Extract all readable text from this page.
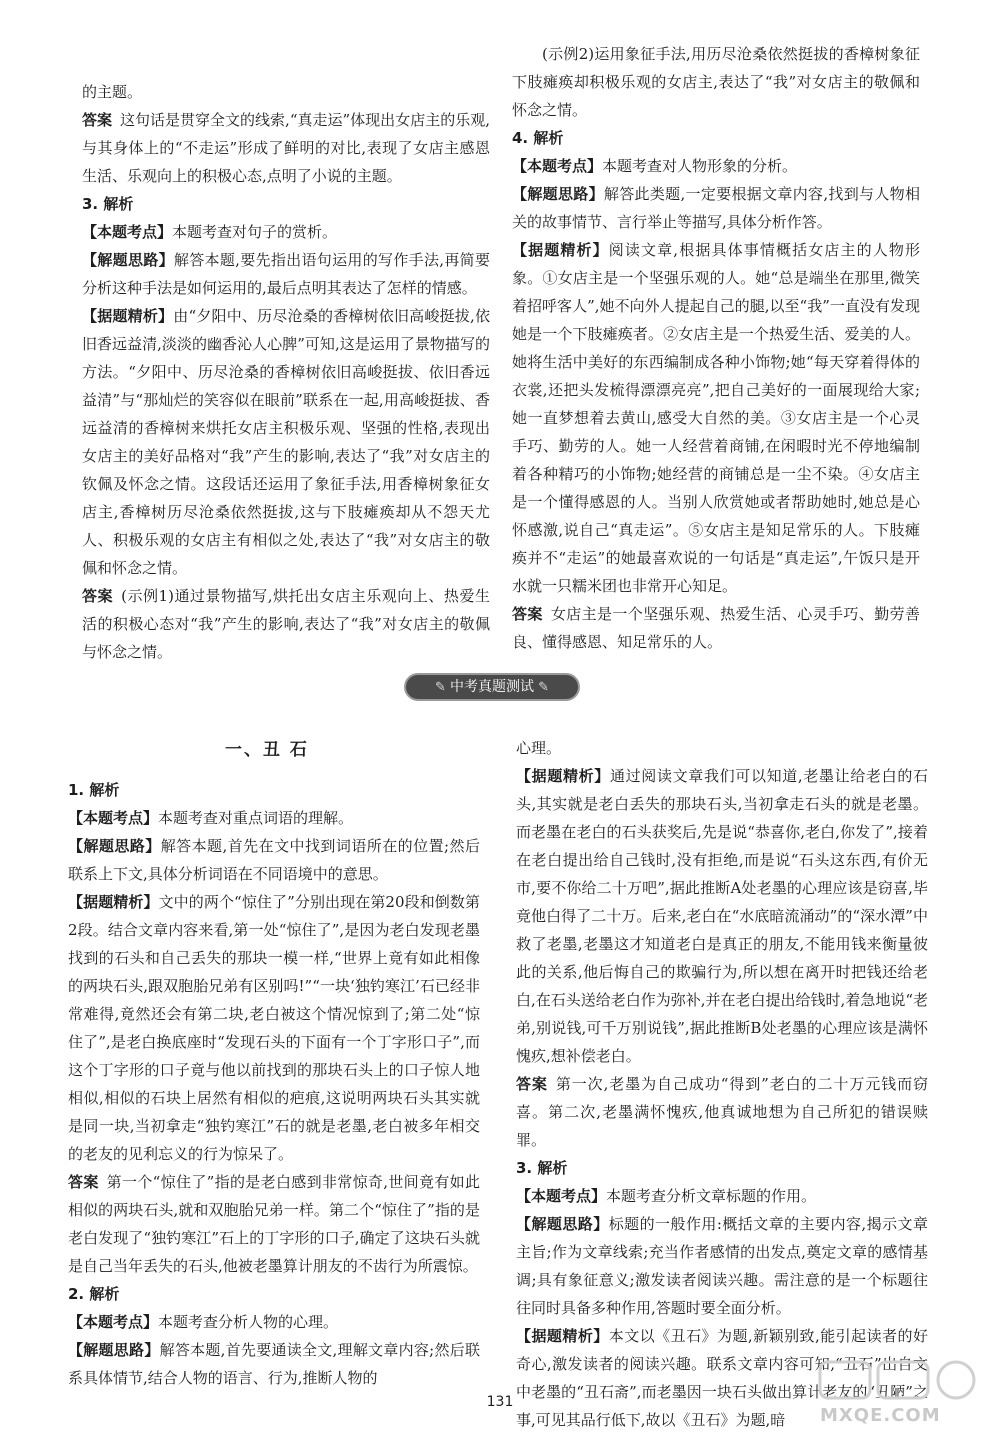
的主题。

答案 这句话是贯穿全文的线索,“真走运”体现出女店主的乐观,与其身体上的“不走运”形成了鲜明的对比,表现了女店主感恩生活、乐观向上的积极心态,点明了小说的主题。

3. 解析

【本题考点】本题考查对句子的赏析。

【解题思路】解答本题,要先指出语句运用的写作手法,再简要分析这种手法是如何运用的,最后点明其表达了怎样的情感。

【据题精析】由“夕阳中、历尽沧桑的香樟树依旧高峻挺拔,依旧香远益清,淡淡的幽香沁人心脾”可知,这是运用了景物描写的方法。“夕阳中、历尽沧桑的香樟树依旧高峻挺拔、依旧香远益清”与“那灿烂的笑容似在眼前”联系在一起,用高峻挺拔、香远益清的香樟树来烘托女店主积极乐观、坚强的性格,表现出女店主的美好品格对“我”产生的影响,表达了“我”对女店主的钦佩及怀念之情。这段话还运用了象征手法,用香樟树象征女店主,香樟树历尽沧桑依然挺拔,这与下肢瘫痪却从不怨天尤人、积极乐观的女店主有相似之处,表达了“我”对女店主的敬佩和怀念之情。

答案 (示例1)通过景物描写,烘托出女店主乐观向上、热爱生活的积极心态对“我”产生的影响,表达了“我”对女店主的敬佩与怀念之情。

(示例2)运用象征手法,用历尽沧桑依然挺拔的香樟树象征下肢瘫痪却积极乐观的女店主,表达了“我”对女店主的敬佩和怀念之情。

4. 解析

【本题考点】本题考查对人物形象的分析。

【解题思路】解答此类题,一定要根据文章内容,找到与人物相关的故事情节、言行举止等描写,具体分析作答。

【据题精析】阅读文章,根据具体事情概括女店主的人物形象。①女店主是一个坚强乐观的人。她“总是端坐在那里,微笑着招呼客人”,她不向外人提起自己的腿,以至“我”一直没有发现她是一个下肢瘫痪者。②女店主是一个热爱生活、爱美的人。她将生活中美好的东西编制成各种小饰物;她“每天穿着得体的衣裳,还把头发梳得漂漂亮亮”,把自己美好的一面展现给大家;她一直梦想着去黄山,感受大自然的美。③女店主是一个心灵手巧、勤劳的人。她一人经营着商铺,在闲暇时光不停地编制着各种精巧的小饰物;她经营的商铺总是一尘不染。④女店主是一个懂得感恩的人。当别人欣赏她或者帮助她时,她总是心怀感激,说自己“真走运”。⑤女店主是知足常乐的人。下肢瘫痪并不“走运”的她最喜欢说的一句话是“真走运”,午饭只是开水就一只糯米团也非常开心知足。

答案 女店主是一个坚强乐观、热爱生活、心灵手巧、勤劳善良、懂得感恩、知足常乐的人。

✎ 中考真题测试 ✎
一、丑 石

1. 解析

【本题考点】本题考查对重点词语的理解。

【解题思路】解答本题,首先在文中找到词语所在的位置;然后联系上下文,具体分析词语在不同语境中的意思。

【据题精析】文中的两个“惊住了”分别出现在第20段和倒数第2段。结合文章内容来看,第一处“惊住了”,是因为老白发现老墨找到的石头和自己丢失的那块一模一样,“世界上竟有如此相像的两块石头,跟双胞胎兄弟有区别吗!”“一块‘独钓寒江’石已经非常难得,竟然还会有第二块,老白被这个情况惊到了;第二处“惊住了”,是老白换底座时“发现石头的下面有一个丁字形口子”,而这个丁字形的口子竟与他以前找到的那块石头上的口子惊人地相似,相似的石块上居然有相似的疤痕,这说明两块石头其实就是同一块,当初拿走“独钓寒江”石的就是老墨,老白被多年相交的老友的见利忘义的行为惊呆了。

答案 第一个“惊住了”指的是老白感到非常惊奇,世间竟有如此相似的两块石头,就和双胞胎兄弟一样。第二个“惊住了”指的是老白发现了“独钓寒江”石上的丁字形的口子,确定了这块石头就是自己当年丢失的石头,他被老墨算计朋友的不齿行为所震惊。

2. 解析

【本题考点】本题考查分析人物的心理。

【解题思路】解答本题,首先要通读全文,理解文章内容;然后联系具体情节,结合人物的语言、行为,推断人物的

心理。

【据题精析】通过阅读文章我们可以知道,老墨让给老白的石头,其实就是老白丢失的那块石头,当初拿走石头的就是老墨。而老墨在老白的石头获奖后,先是说“恭喜你,老白,你发了”,接着在老白提出给自己钱时,没有拒绝,而是说“石头这东西,有价无市,要不你给二十万吧”,据此推断A处老墨的心理应该是窃喜,毕竟他白得了二十万。后来,老白在“水底暗流涌动”的“深水潭”中救了老墨,老墨这才知道老白是真正的朋友,不能用钱来衡量彼此的关系,他后悔自己的欺骗行为,所以想在离开时把钱还给老白,在石头送给老白作为弥补,并在老白提出给钱时,着急地说“老弟,别说钱,可千万别说钱”,据此推断B处老墨的心理应该是满怀愧疚,想补偿老白。

答案 第一次,老墨为自己成功“得到”老白的二十万元钱而窃喜。第二次,老墨满怀愧疚,他真诚地想为自己所犯的错误赎罪。

3. 解析

【本题考点】本题考查分析文章标题的作用。

【解题思路】标题的一般作用:概括文章的主要内容,揭示文章主旨;作为文章线索;充当作者感情的出发点,奠定文章的感情基调;具有象征意义;激发读者阅读兴趣。需注意的是一个标题往往同时具备多种作用,答题时要全面分析。

【据题精析】本文以《丑石》为题,新颖别致,能引起读者的好奇心,激发读者的阅读兴趣。联系文章内容可知,“丑石”出自文中老墨的“丑石斋”,而老墨因一块石头做出算计老友的“丑陋”之事,可见其品行低下,故以《丑石》为题,暗

131
MXQE.COM
